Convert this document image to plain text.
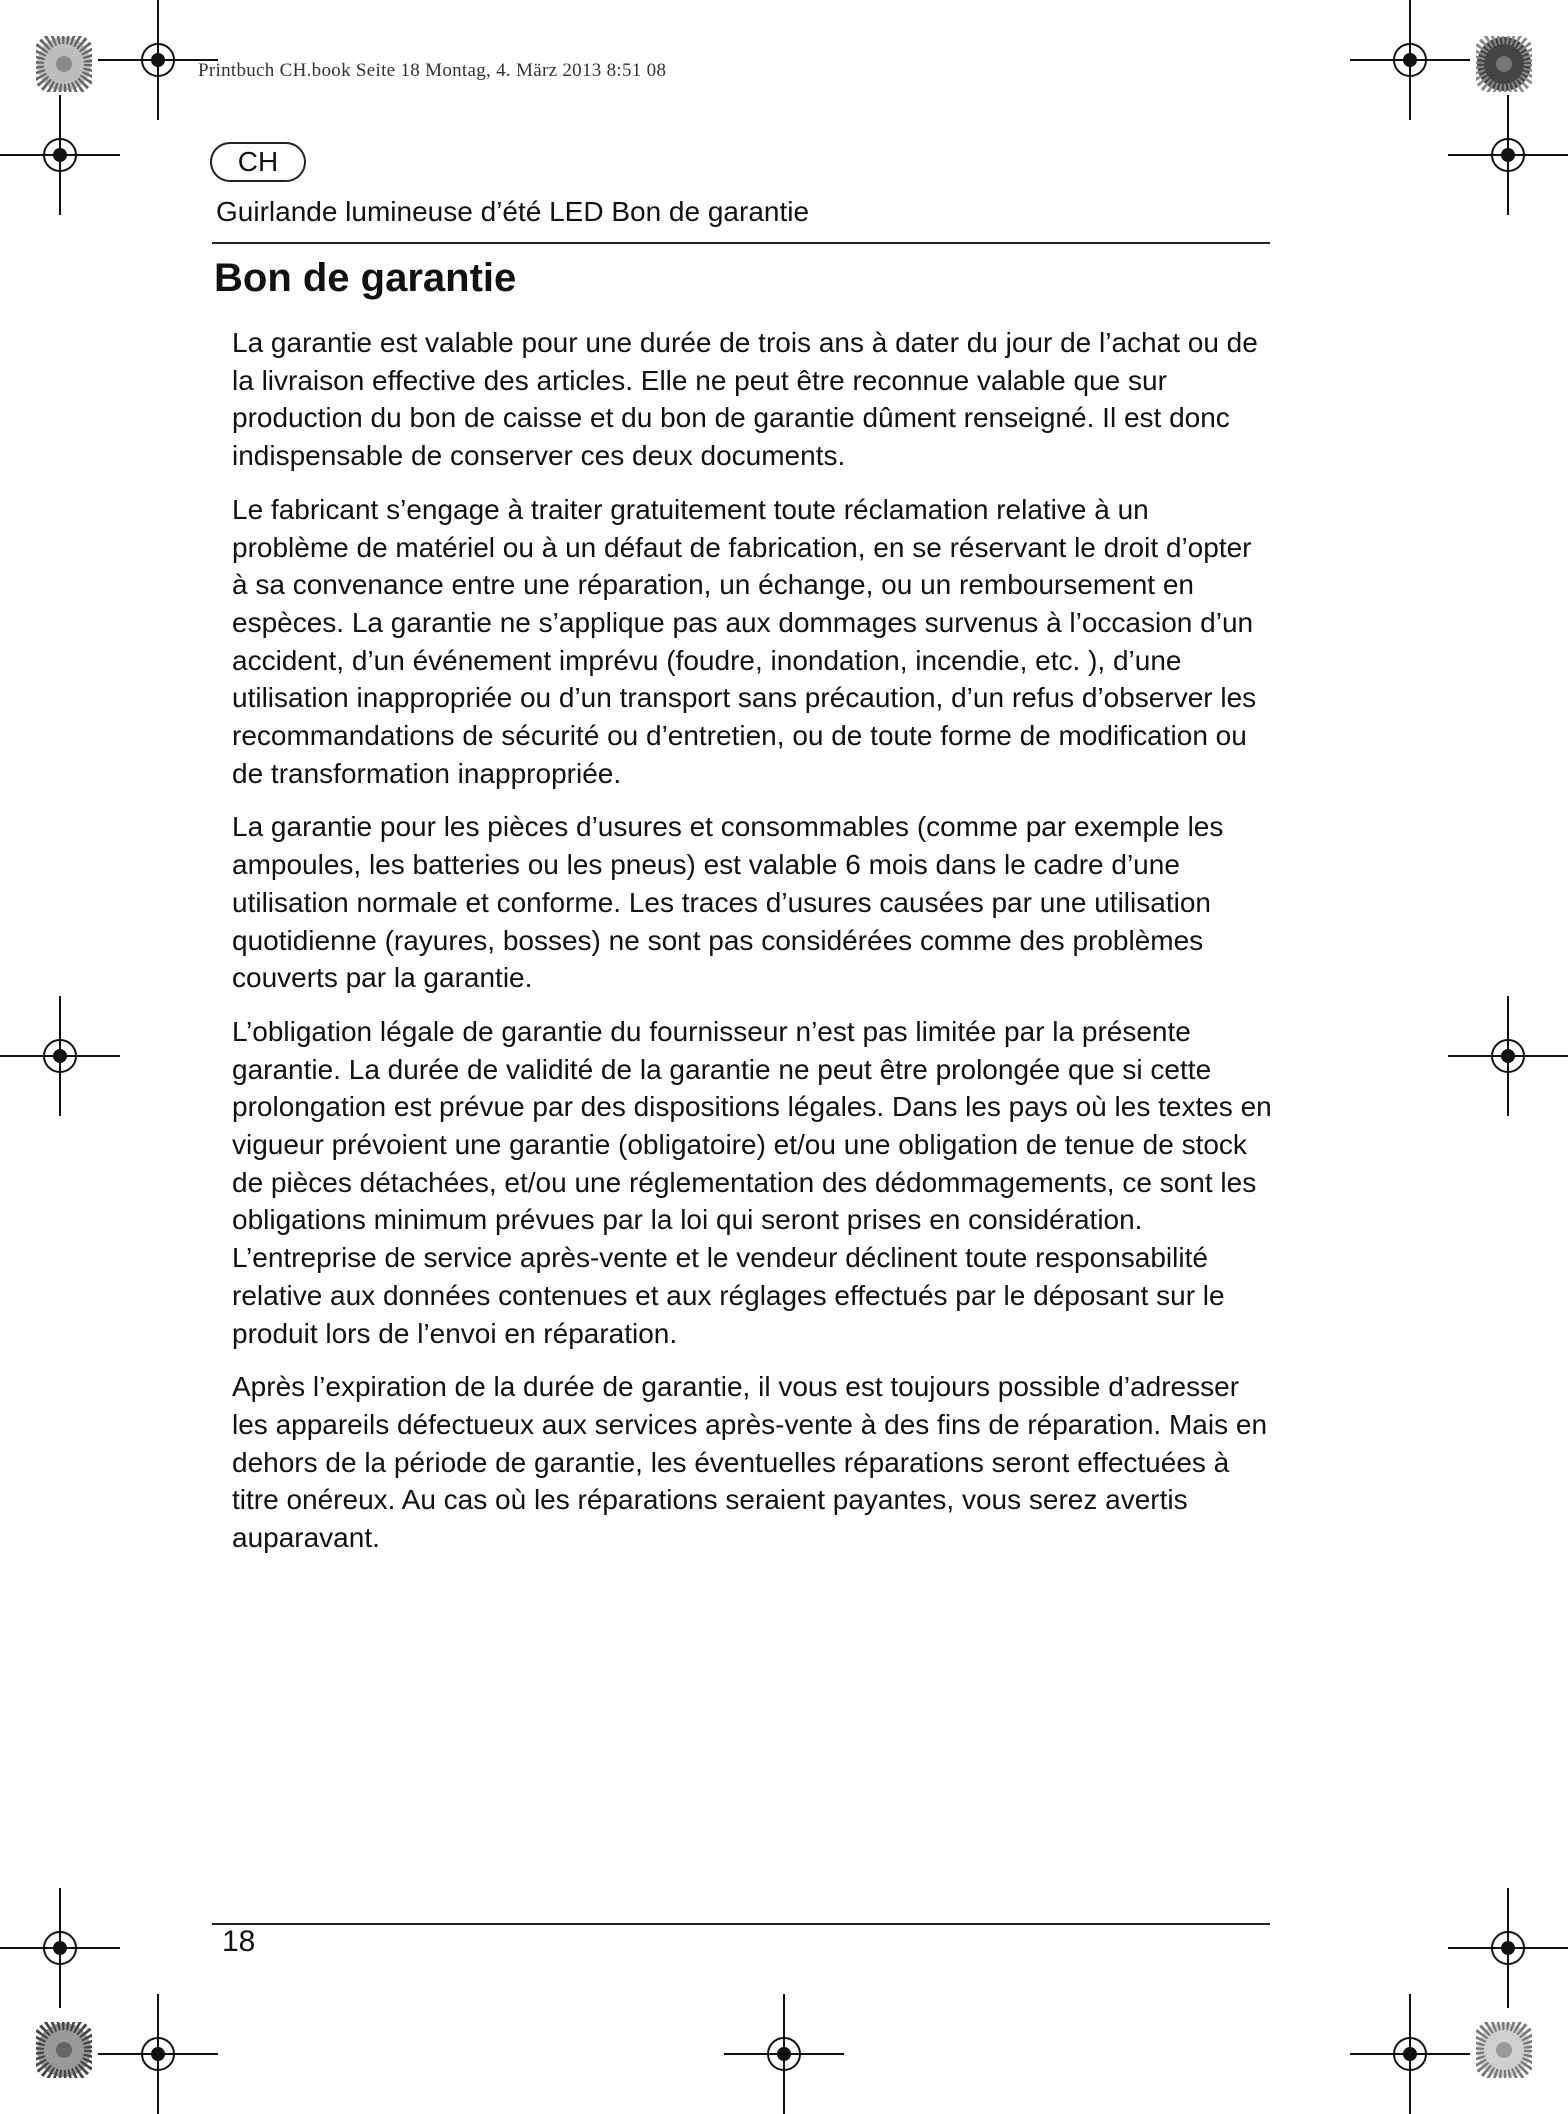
Printbuch CH.book Seite 18 Montag, 4. März 2013 8:51 08
CH
Guirlande lumineuse d’été LED Bon de garantie
Bon de garantie

La garantie est valable pour une durée de trois ans à dater du jour de l’achat ou de la livraison effective des articles. Elle ne peut être reconnue valable que sur production du bon de caisse et du bon de garantie dûment renseigné. Il est donc indispensable de conserver ces deux documents.

Le fabricant s’engage à traiter gratuitement toute réclamation relative à un problème de matériel ou à un défaut de fabrication, en se réservant le droit d’opter à sa convenance entre une réparation, un échange, ou un remboursement en espèces. La garantie ne s’applique pas aux dommages survenus à l’occasion d’un accident, d’un événement imprévu (foudre, inondation, incendie, etc. ), d’une utilisation inappropriée ou d’un transport sans précaution, d’un refus d’observer les recommandations de sécurité ou d’entretien, ou de toute forme de modification ou de transformation inappropriée.

La garantie pour les pièces d’usures et consommables (comme par exemple les ampoules, les batteries ou les pneus) est valable 6 mois dans le cadre d’une utilisation normale et conforme. Les traces d’usures causées par une utilisation quotidienne (rayures, bosses) ne sont pas considérées comme des problèmes couverts par la garantie.

L’obligation légale de garantie du fournisseur n’est pas limitée par la présente garantie. La durée de validité de la garantie ne peut être prolongée que si cette prolongation est prévue par des dispositions légales. Dans les pays où les textes en vigueur prévoient une garantie (obligatoire) et/ou une obligation de tenue de stock de pièces détachées, et/ou une réglementation des dédommagements, ce sont les obligations minimum prévues par la loi qui seront prises en considération. L’entreprise de service après-vente et le vendeur déclinent toute responsabilité relative aux données contenues et aux réglages effectués par le déposant sur le produit lors de l’envoi en réparation.

Après l’expiration de la durée de garantie, il vous est toujours possible d’adresser les appareils défectueux aux services après-vente à des fins de réparation. Mais en dehors de la période de garantie, les éventuelles réparations seront effectuées à titre onéreux. Au cas où les réparations seraient payantes, vous serez avertis auparavant.

18
